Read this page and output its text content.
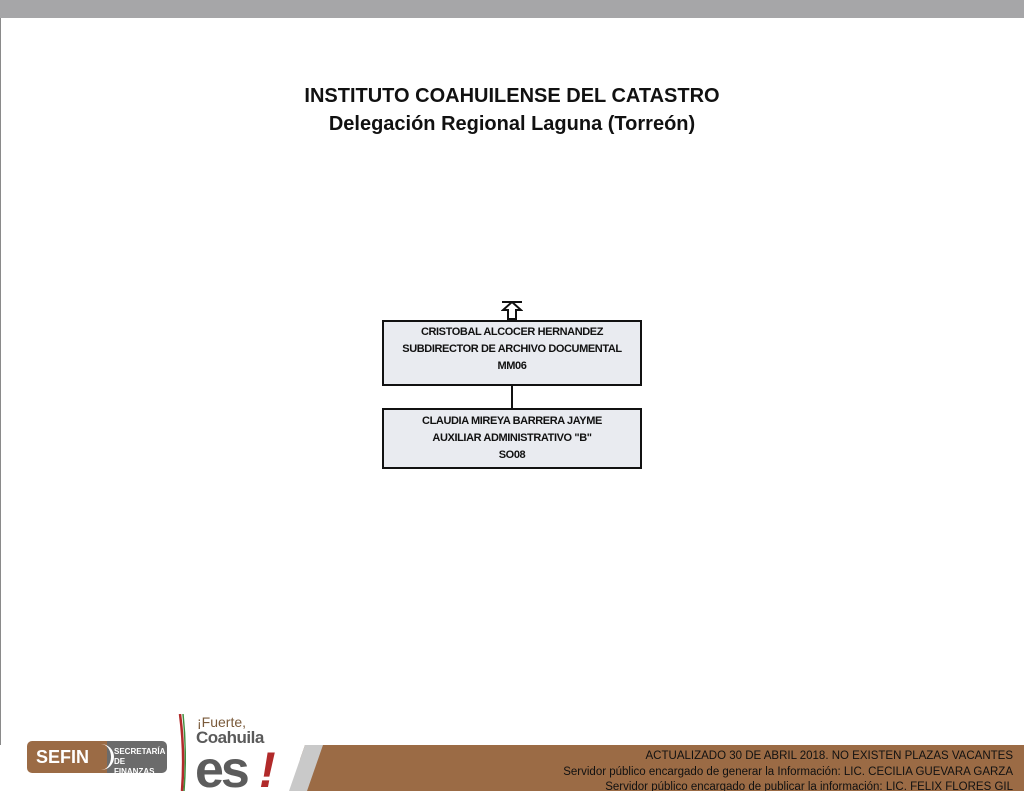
INSTITUTO COAHUILENSE DEL CATASTRO
Delegación Regional Laguna (Torreón)
CRISTOBAL ALCOCER HERNANDEZ
SUBDIRECTOR DE ARCHIVO DOCUMENTAL
MM06
CLAUDIA MIREYA BARRERA JAYME
AUXILIAR ADMINISTRATIVO "B"
SO08
ACTUALIZADO 30 DE ABRIL 2018. NO EXISTEN PLAZAS VACANTES
Servidor público encargado de generar la Información: LIC. CECILIA GUEVARA GARZA
Servidor público encargado de publicar la información: LIC. FELIX FLORES GIL
SEFIN	SECRETARÍA
DE FINANZAS
¡Fuerte,
Coahuila
es !
